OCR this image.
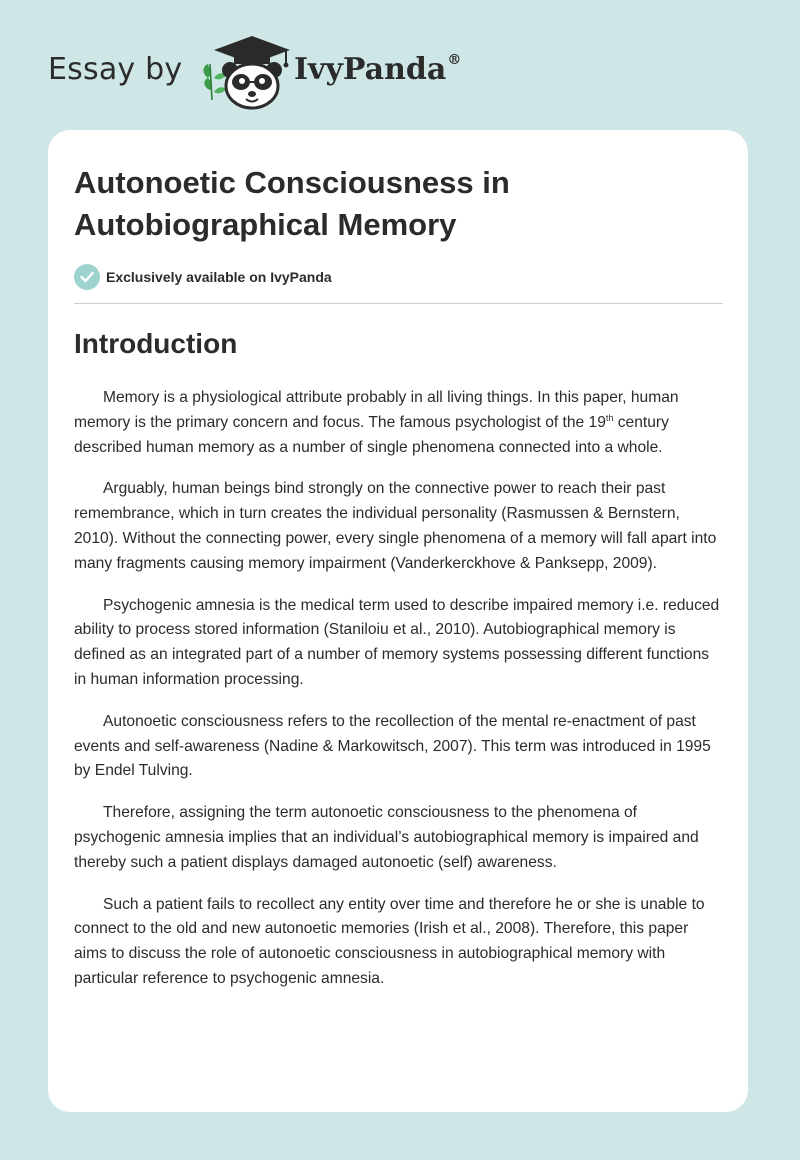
Essay by	IvyPanda®
Autonoetic Consciousness in Autobiographical Memory
Exclusively available on IvyPanda
Introduction

Memory is a physiological attribute probably in all living things. In this paper, human memory is the primary concern and focus. The famous psychologist of the 19th century described human memory as a number of single phenomena connected into a whole.

Arguably, human beings bind strongly on the connective power to reach their past remembrance, which in turn creates the individual personality (Rasmussen & Bernstern, 2010). Without the connecting power, every single phenomena of a memory will fall apart into many fragments causing memory impairment (Vanderkerckhove & Panksepp, 2009).

Psychogenic amnesia is the medical term used to describe impaired memory i.e. reduced ability to process stored information (Staniloiu et al., 2010). Autobiographical memory is defined as an integrated part of a number of memory systems possessing different functions in human information processing.

Autonoetic consciousness refers to the recollection of the mental re-enactment of past events and self-awareness (Nadine & Markowitsch, 2007). This term was introduced in 1995 by Endel Tulving.

Therefore, assigning the term autonoetic consciousness to the phenomena of psychogenic amnesia implies that an individual’s autobiographical memory is impaired and thereby such a patient displays damaged autonoetic (self) awareness.

Such a patient fails to recollect any entity over time and therefore he or she is unable to connect to the old and new autonoetic memories (Irish et al., 2008). Therefore, this paper aims to discuss the role of autonoetic consciousness in autobiographical memory with particular reference to psychogenic amnesia.
